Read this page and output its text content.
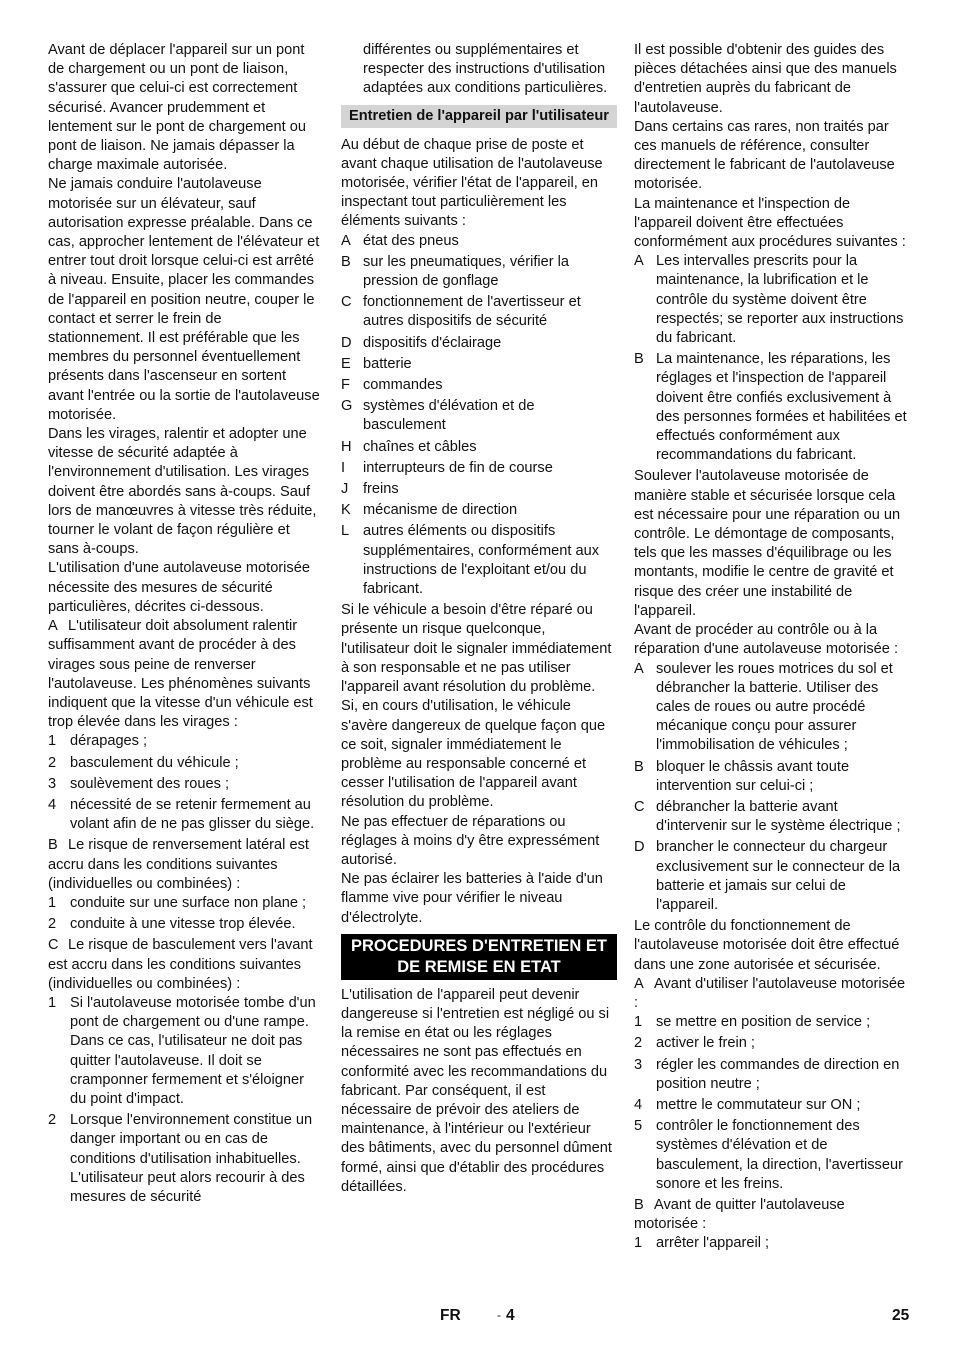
Avant de déplacer l'appareil sur un pont de chargement ou un pont de liaison, s'assurer que celui-ci est correctement sécurisé. Avancer prudemment et lentement sur le pont de chargement ou pont de liaison. Ne jamais dépasser la charge maximale autorisée.

Ne jamais conduire l'autolaveuse motorisée sur un élévateur, sauf autorisation expresse préalable. Dans ce cas, approcher lentement de l'élévateur et entrer tout droit lorsque celui-ci est arrêté à niveau. Ensuite, placer les commandes de l'appareil en position neutre, couper le contact et serrer le frein de stationnement. Il est préférable que les membres du personnel éventuellement présents dans l'ascenseur en sortent avant l'entrée ou la sortie de l'autolaveuse motorisée.

Dans les virages, ralentir et adopter une vitesse de sécurité adaptée à l'environnement d'utilisation. Les virages doivent être abordés sans à-coups. Sauf lors de manœuvres à vitesse très réduite, tourner le volant de façon régulière et sans à-coups.

L'utilisation d'une autolaveuse motorisée nécessite des mesures de sécurité particulières, décrites ci-dessous.

A L'utilisateur doit absolument ralentir suffisamment avant de procéder à des virages sous peine de renverser l'autolaveuse. Les phénomènes suivants indiquent que la vitesse d'un véhicule est trop élevée dans les virages :

1 dérapages ;
2 basculement du véhicule ;
3 soulèvement des roues ;
4 nécessité de se retenir fermement au volant afin de ne pas glisser du siège.

B Le risque de renversement latéral est accru dans les conditions suivantes (individuelles ou combinées) :

1 conduite sur une surface non plane ;
2 conduite à une vitesse trop élevée.

C Le risque de basculement vers l'avant est accru dans les conditions suivantes (individuelles ou combinées) :

1 Si l'autolaveuse motorisée tombe d'un pont de chargement ou d'une rampe. Dans ce cas, l'utilisateur ne doit pas quitter l'autolaveuse. Il doit se cramponner fermement et s'éloigner du point d'impact.
2 Lorsque l'environnement constitue un danger important ou en cas de conditions d'utilisation inhabituelles. L'utilisateur peut alors recourir à des mesures de sécurité

différentes ou supplémentaires et respecter des instructions d'utilisation adaptées aux conditions particulières.

Entretien de l'appareil par l'utilisateur

Au début de chaque prise de poste et avant chaque utilisation de l'autolaveuse motorisée, vérifier l'état de l'appareil, en inspectant tout particulièrement les éléments suivants :

A état des pneus
B sur les pneumatiques, vérifier la pression de gonflage
C fonctionnement de l'avertisseur et autres dispositifs de sécurité
D dispositifs d'éclairage
E batterie
F commandes
G systèmes d'élévation et de basculement
H chaînes et câbles
I	interrupteurs de fin de course
J	freins
K mécanisme de direction
L autres éléments ou dispositifs supplémentaires, conformément aux instructions de l'exploitant et/ou du fabricant.

Si le véhicule a besoin d'être réparé ou présente un risque quelconque, l'utilisateur doit le signaler immédiatement à son responsable et ne pas utiliser l'appareil avant résolution du problème.

Si, en cours d'utilisation, le véhicule s'avère dangereux de quelque façon que ce soit, signaler immédiatement le problème au responsable concerné et cesser l'utilisation de l'appareil avant résolution du problème.

Ne pas effectuer de réparations ou réglages à moins d'y être expressément autorisé.

Ne pas éclairer les batteries à l'aide d'un flamme vive pour vérifier le niveau d'électrolyte.

PROCEDURES D'ENTRETIEN ET DE REMISE EN ETAT

L'utilisation de l'appareil peut devenir dangereuse si l'entretien est négligé ou si la remise en état ou les réglages nécessaires ne sont pas effectués en conformité avec les recommandations du fabricant. Par conséquent, il est nécessaire de prévoir des ateliers de maintenance, à l'intérieur ou l'extérieur des bâtiments, avec du personnel dûment formé, ainsi que d'établir des procédures détaillées.

Il est possible d'obtenir des guides des pièces détachées ainsi que des manuels d'entretien auprès du fabricant de l'autolaveuse.

Dans certains cas rares, non traités par ces manuels de référence, consulter directement le fabricant de l'autolaveuse motorisée.

La maintenance et l'inspection de l'appareil doivent être effectuées conformément aux procédures suivantes :

A Les intervalles prescrits pour la maintenance, la lubrification et le contrôle du système doivent être respectés; se reporter aux instructions du fabricant.
B La maintenance, les réparations, les réglages et l'inspection de l'appareil doivent être confiés exclusivement à des personnes formées et habilitées et effectués conformément aux recommandations du fabricant.

Soulever l'autolaveuse motorisée de manière stable et sécurisée lorsque cela est nécessaire pour une réparation ou un contrôle. Le démontage de composants, tels que les masses d'équilibrage ou les montants, modifie le centre de gravité et risque des créer une instabilité de l'appareil.

Avant de procéder au contrôle ou à la réparation d'une autolaveuse motorisée :

A soulever les roues motrices du sol et débrancher la batterie. Utiliser des cales de roues ou autre procédé mécanique conçu pour assurer l'immobilisation de véhicules ;
B bloquer le châssis avant toute intervention sur celui-ci ;
C débrancher la batterie avant d'intervenir sur le système électrique ;
D brancher le connecteur du chargeur exclusivement sur le connecteur de la batterie et jamais sur celui de l'appareil.

Le contrôle du fonctionnement de l'autolaveuse motorisée doit être effectué dans une zone autorisée et sécurisée.

A Avant d'utiliser l'autolaveuse motorisée :

1 se mettre en position de service ;
2 activer le frein ;
3 régler les commandes de direction en position neutre ;
4 mettre le commutateur sur ON ;
5 contrôler le fonctionnement des systèmes d'élévation et de basculement, la direction, l'avertisseur sonore et les freins.

B Avant de quitter l'autolaveuse motorisée :

1 arrêter l'appareil ;
FR	- 4	25
